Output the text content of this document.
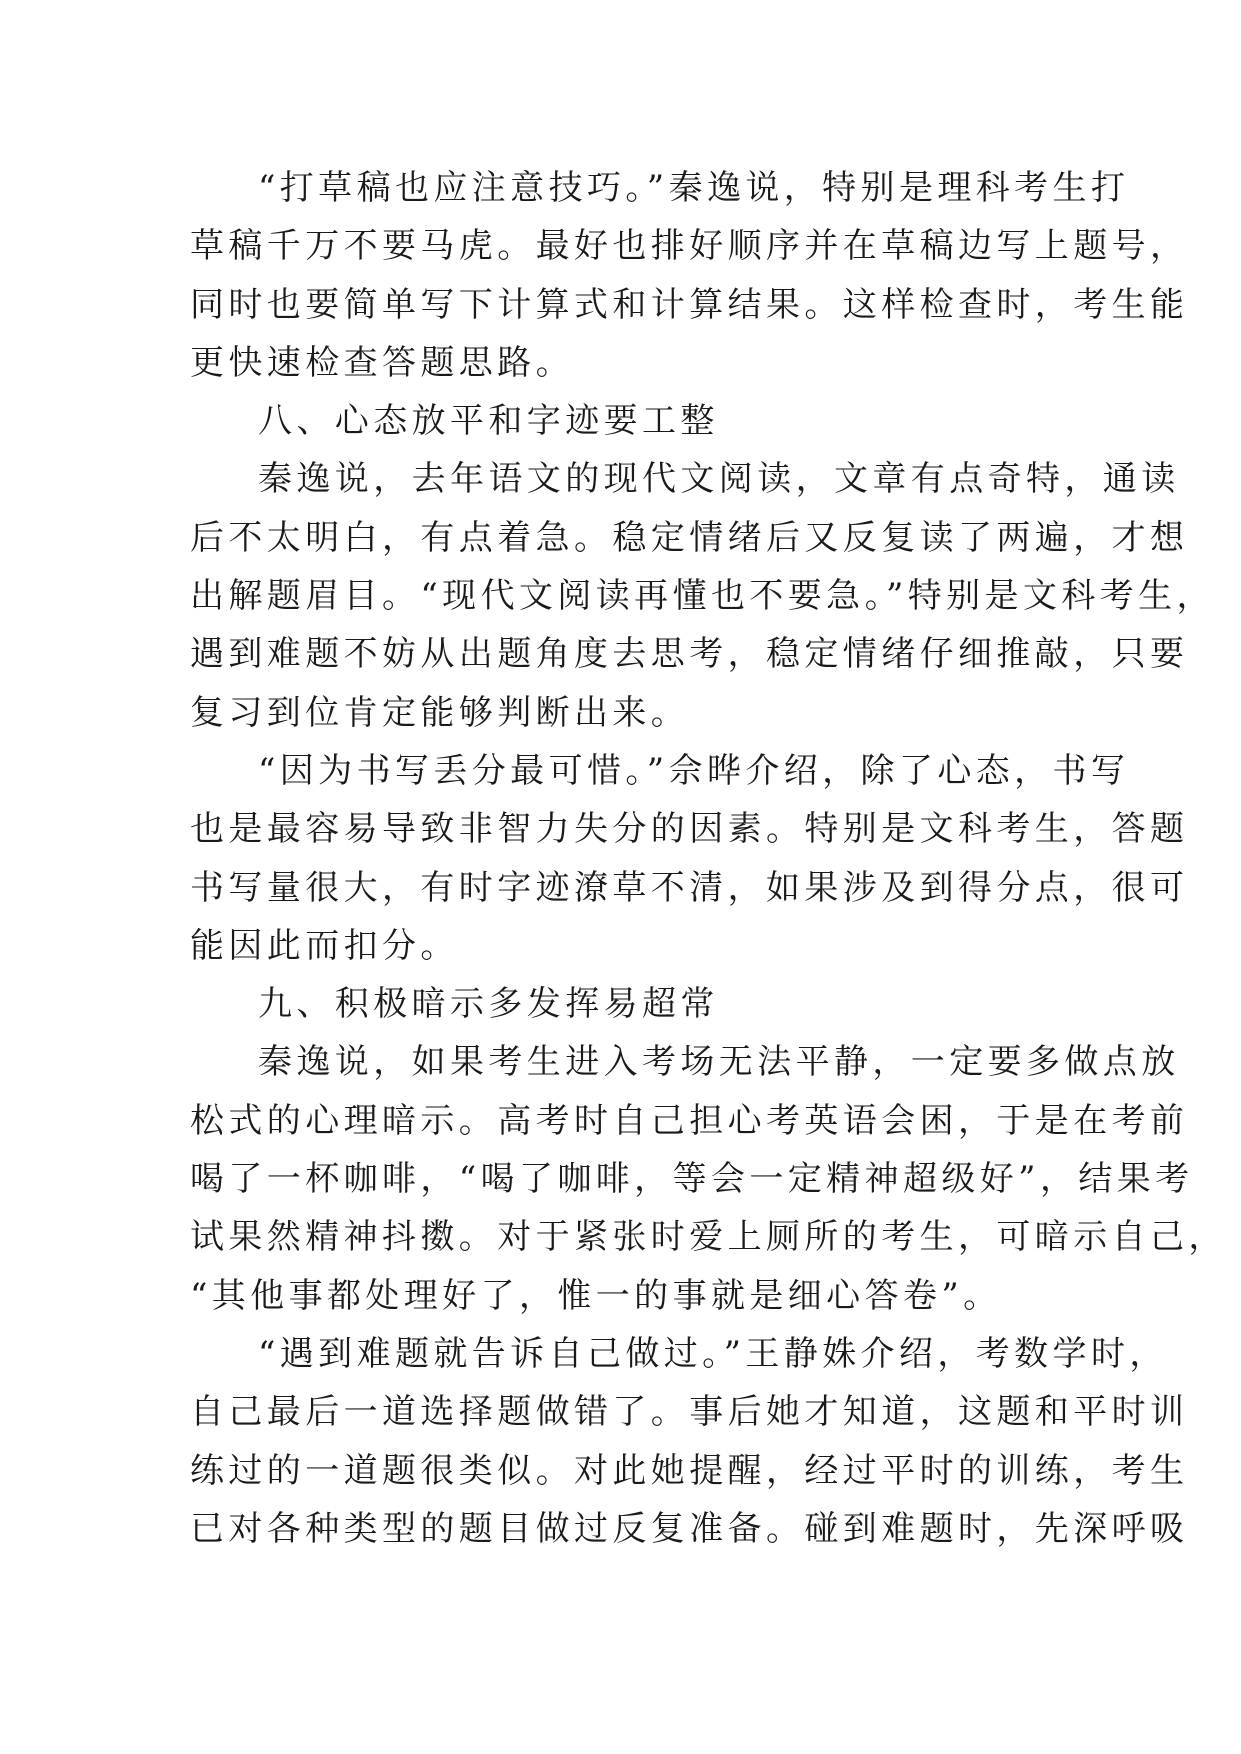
“打草稿也应注意技巧。”秦逸说，特别是理科考生打
草稿千万不要马虎。最好也排好顺序并在草稿边写上题号，
同时也要简单写下计算式和计算结果。这样检查时，考生能
更快速检查答题思路。
八、心态放平和字迹要工整
秦逸说，去年语文的现代文阅读，文章有点奇特，通读
后不太明白，有点着急。稳定情绪后又反复读了两遍，才想
出解题眉目。“现代文阅读再懂也不要急。”特别是文科考生，
遇到难题不妨从出题角度去思考，稳定情绪仔细推敲，只要
复习到位肯定能够判断出来。
“因为书写丢分最可惜。”佘晔介绍，除了心态，书写
也是最容易导致非智力失分的因素。特别是文科考生，答题
书写量很大，有时字迹潦草不清，如果涉及到得分点，很可
能因此而扣分。
九、积极暗示多发挥易超常
秦逸说，如果考生进入考场无法平静，一定要多做点放
松式的心理暗示。高考时自己担心考英语会困，于是在考前
喝了一杯咖啡，“喝了咖啡，等会一定精神超级好”，结果考
试果然精神抖擞。对于紧张时爱上厕所的考生，可暗示自己，
“其他事都处理好了，惟一的事就是细心答卷”。
“遇到难题就告诉自己做过。”王静姝介绍，考数学时，
自己最后一道选择题做错了。事后她才知道，这题和平时训
练过的一道题很类似。对此她提醒，经过平时的训练，考生
已对各种类型的题目做过反复准备。碰到难题时，先深呼吸
